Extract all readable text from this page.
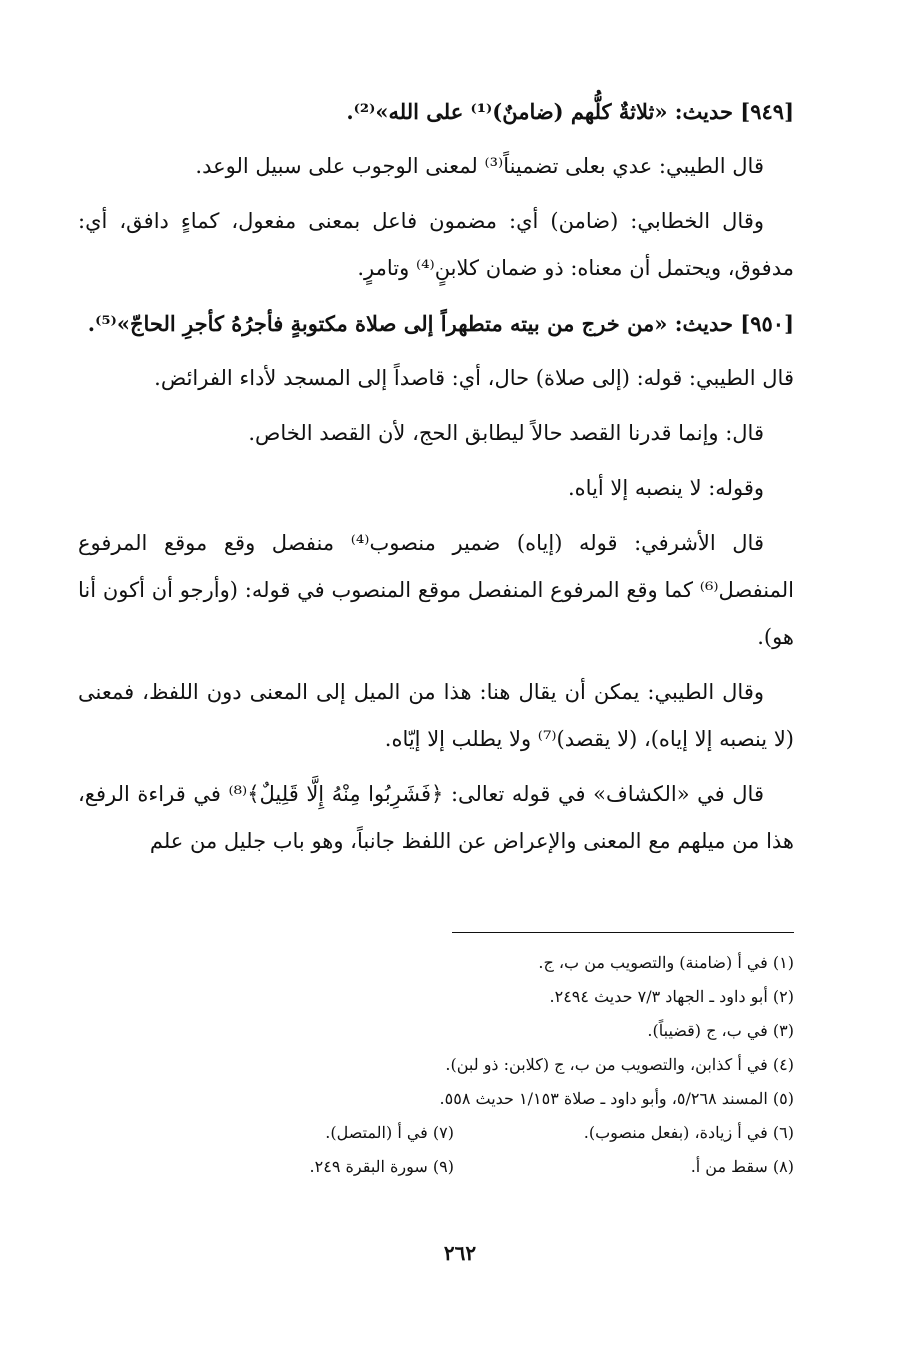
[٩٤٩] حديث: «ثلاثةٌ كلُّهم (ضامنٌ)⁽¹⁾ على الله»⁽²⁾.

قال الطيبي: عدي بعلى تضميناً⁽³⁾ لمعنى الوجوب على سبيل الوعد.

وقال الخطابي: (ضامن) أي: مضمون فاعل بمعنى مفعول، كماءٍ دافق، أي: مدفوق، ويحتمل أن معناه: ذو ضمان كلابنٍ⁽⁴⁾ وتامرٍ.

[٩٥٠] حديث: «من خرج من بيته متطهراً إلى صلاة مكتوبةٍ فأجرُهُ كأجرِ الحاجّ»⁽⁵⁾.

قال الطيبي: قوله: (إلى صلاة) حال، أي: قاصداً إلى المسجد لأداء الفرائض.

قال: وإنما قدرنا القصد حالاً ليطابق الحج، لأن القصد الخاص.

وقوله: لا ينصبه إلا أياه.

قال الأشرفي: قوله (إياه) ضمير منصوب⁽⁴⁾ منفصل وقع موقع المرفوع المنفصل⁽⁶⁾ كما وقع المرفوع المنفصل موقع المنصوب في قوله: (وأرجو أن أكون أنا هو).

وقال الطيبي: يمكن أن يقال هنا: هذا من الميل إلى المعنى دون اللفظ، فمعنى (لا ينصبه إلا إياه)، (لا يقصد)⁽⁷⁾ ولا يطلب إلا إيّاه.

قال في «الكشاف» في قوله تعالى: ﴿فَشَرِبُوا مِنْهُ إِلَّا قَلِيلٌ﴾⁽⁸⁾ في قراءة الرفع، هذا من ميلهم مع المعنى والإعراض عن اللفظ جانباً، وهو باب جليل من علم

(١) في أ (ضامنة) والتصويب من ب، ج.
(٢) أبو داود ـ الجهاد ٧/٣ حديث ٢٤٩٤.
(٣) في ب، ج (قضيباً).
(٤) في أ كذابن، والتصويب من ب، ج (كلابن: ذو لبن).
(٥) المسند ٥/٢٦٨، وأبو داود ـ صلاة ١/١٥٣ حديث ٥٥٨.
(٦) في أ زيادة، (بفعل منصوب).
(٧) في أ (المتصل).
(٨) سقط من أ.
(٩) سورة البقرة ٢٤٩.
٢٦٢
